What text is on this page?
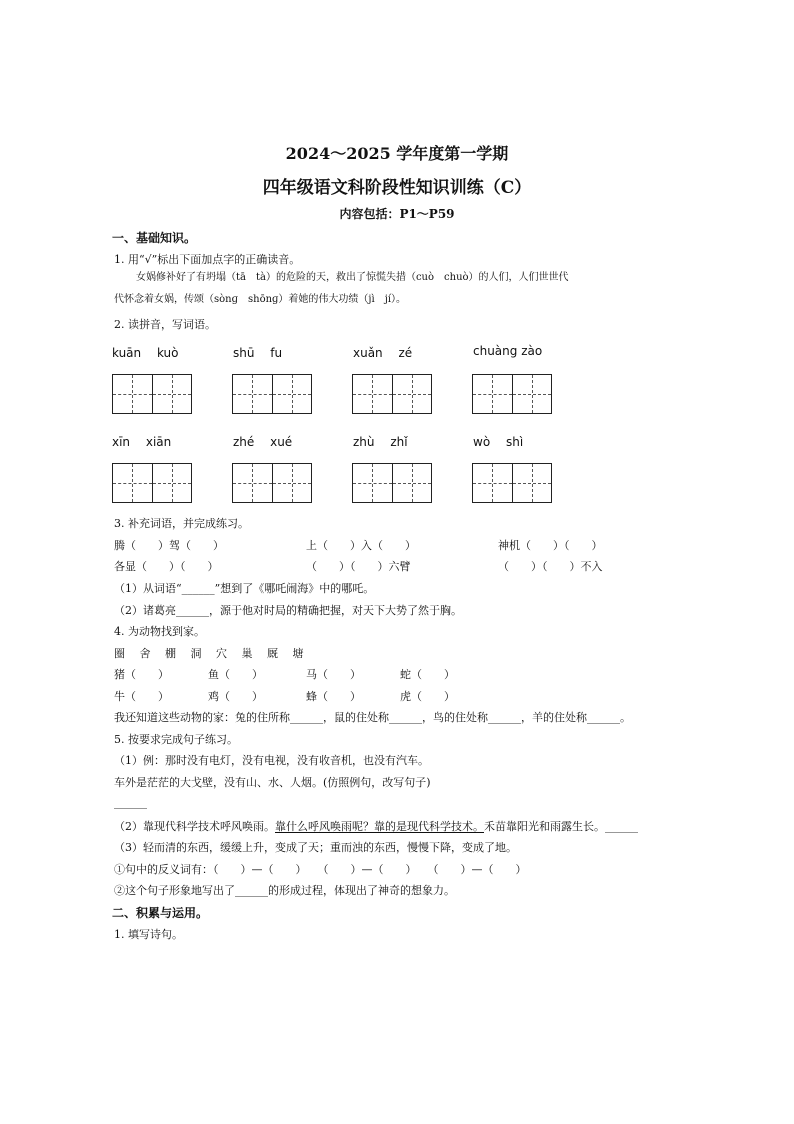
2024～2025 学年度第一学期
四年级语文科阶段性知识训练（C）
内容包括：P1～P59
一、基础知识。
1. 用“√”标出下面加点字的正确读音。
女娲修补好了有坍塌（tā　tà）的危险的天，救出了惊慌失措（cuò　chuò）的人们，人们世世代
代怀念着女娲，传颂（sònɡ　shōnɡ）着她的伟大功绩（jì　jí）。
2. 读拼音，写词语。
kuān　 kuò	shū　 fu	xuǎn　 zé	chuàng zào
xīn　 xiān	zhé　 xué	zhù　 zhǐ	wò　 shì
3. 补充词语，并完成练习。
腾（　　）驾（　　）	上（　　）入（　　）	神机（　　）（　　）
各显（　　）（　　）	（　　）（　　）六臂	（　　）（　　）不入
（1）从词语“______”想到了《哪吒闹海》中的哪吒。
（2）诸葛亮______，源于他对时局的精确把握，对天下大势了然于胸。
4. 为动物找到家。
圈　 舍　 棚　 洞　 穴　 巢　 厩　 塘
猪（　　）	鱼（　　）	马（　　）	蛇（　　）
牛（　　）	鸡（　　）	蜂（　　）	虎（　　）
我还知道这些动物的家：兔的住所称______，鼠的住处称______，鸟的住处称______，羊的住处称______。
5. 按要求完成句子练习。
（1）例：那时没有电灯，没有电视，没有收音机，也没有汽车。
车外是茫茫的大戈壁，没有山、水、人烟。(仿照例句，改写句子)
______
（2）靠现代科学技术呼风唤雨。靠什么呼风唤雨呢？靠的是现代科学技术。禾苗靠阳光和雨露生长。______
（3）轻而清的东西，缓缓上升，变成了天；重而浊的东西，慢慢下降，变成了地。
①句中的反义词有：（　　）—（　　）　　（　　）—（　　）　　（　　）—（　　）
②这个句子形象地写出了______的形成过程，体现出了神奇的想象力。
二、积累与运用。
1. 填写诗句。
